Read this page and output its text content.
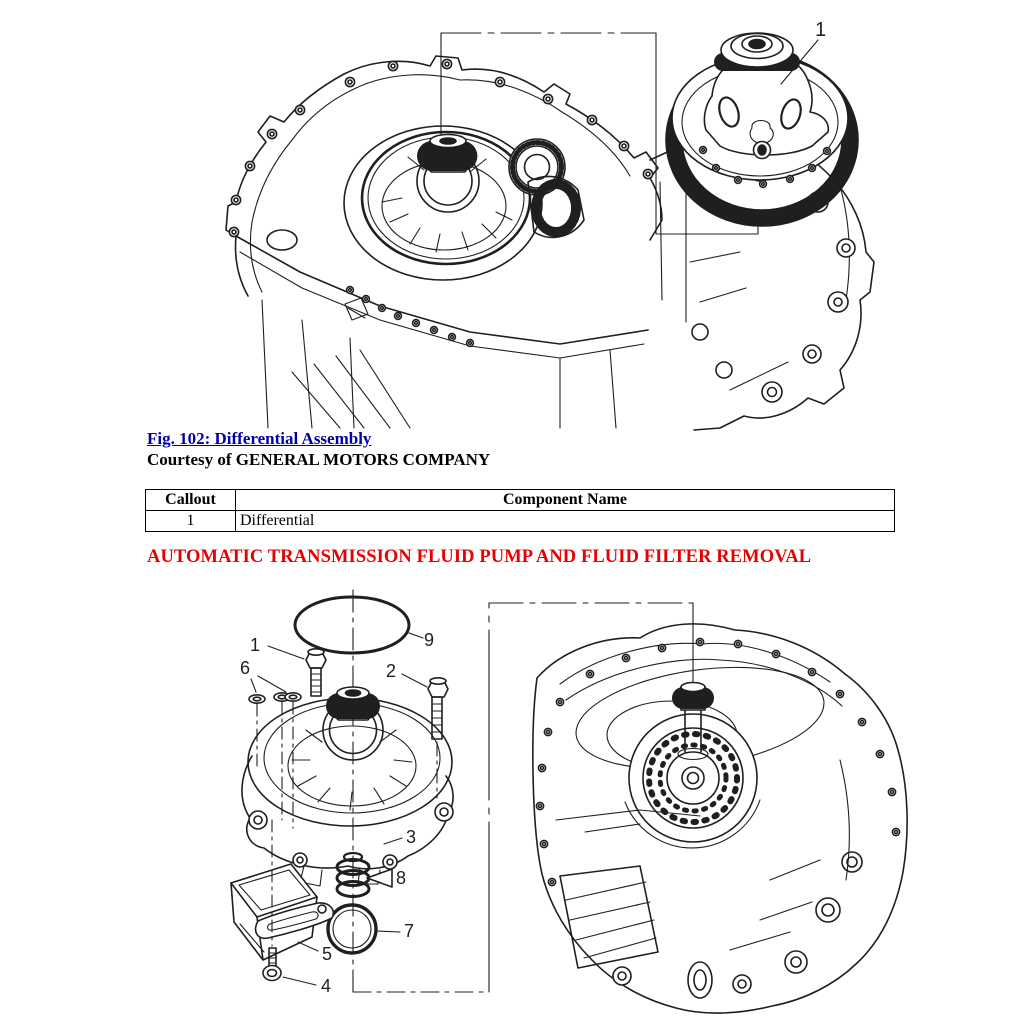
1
Fig. 102: Differential Assembly
Courtesy of GENERAL MOTORS COMPANY
Callout	Component Name
1	Differential
AUTOMATIC TRANSMISSION FLUID PUMP AND FLUID FILTER REMOVAL
1
2
3
4
5
6
7
8
9
